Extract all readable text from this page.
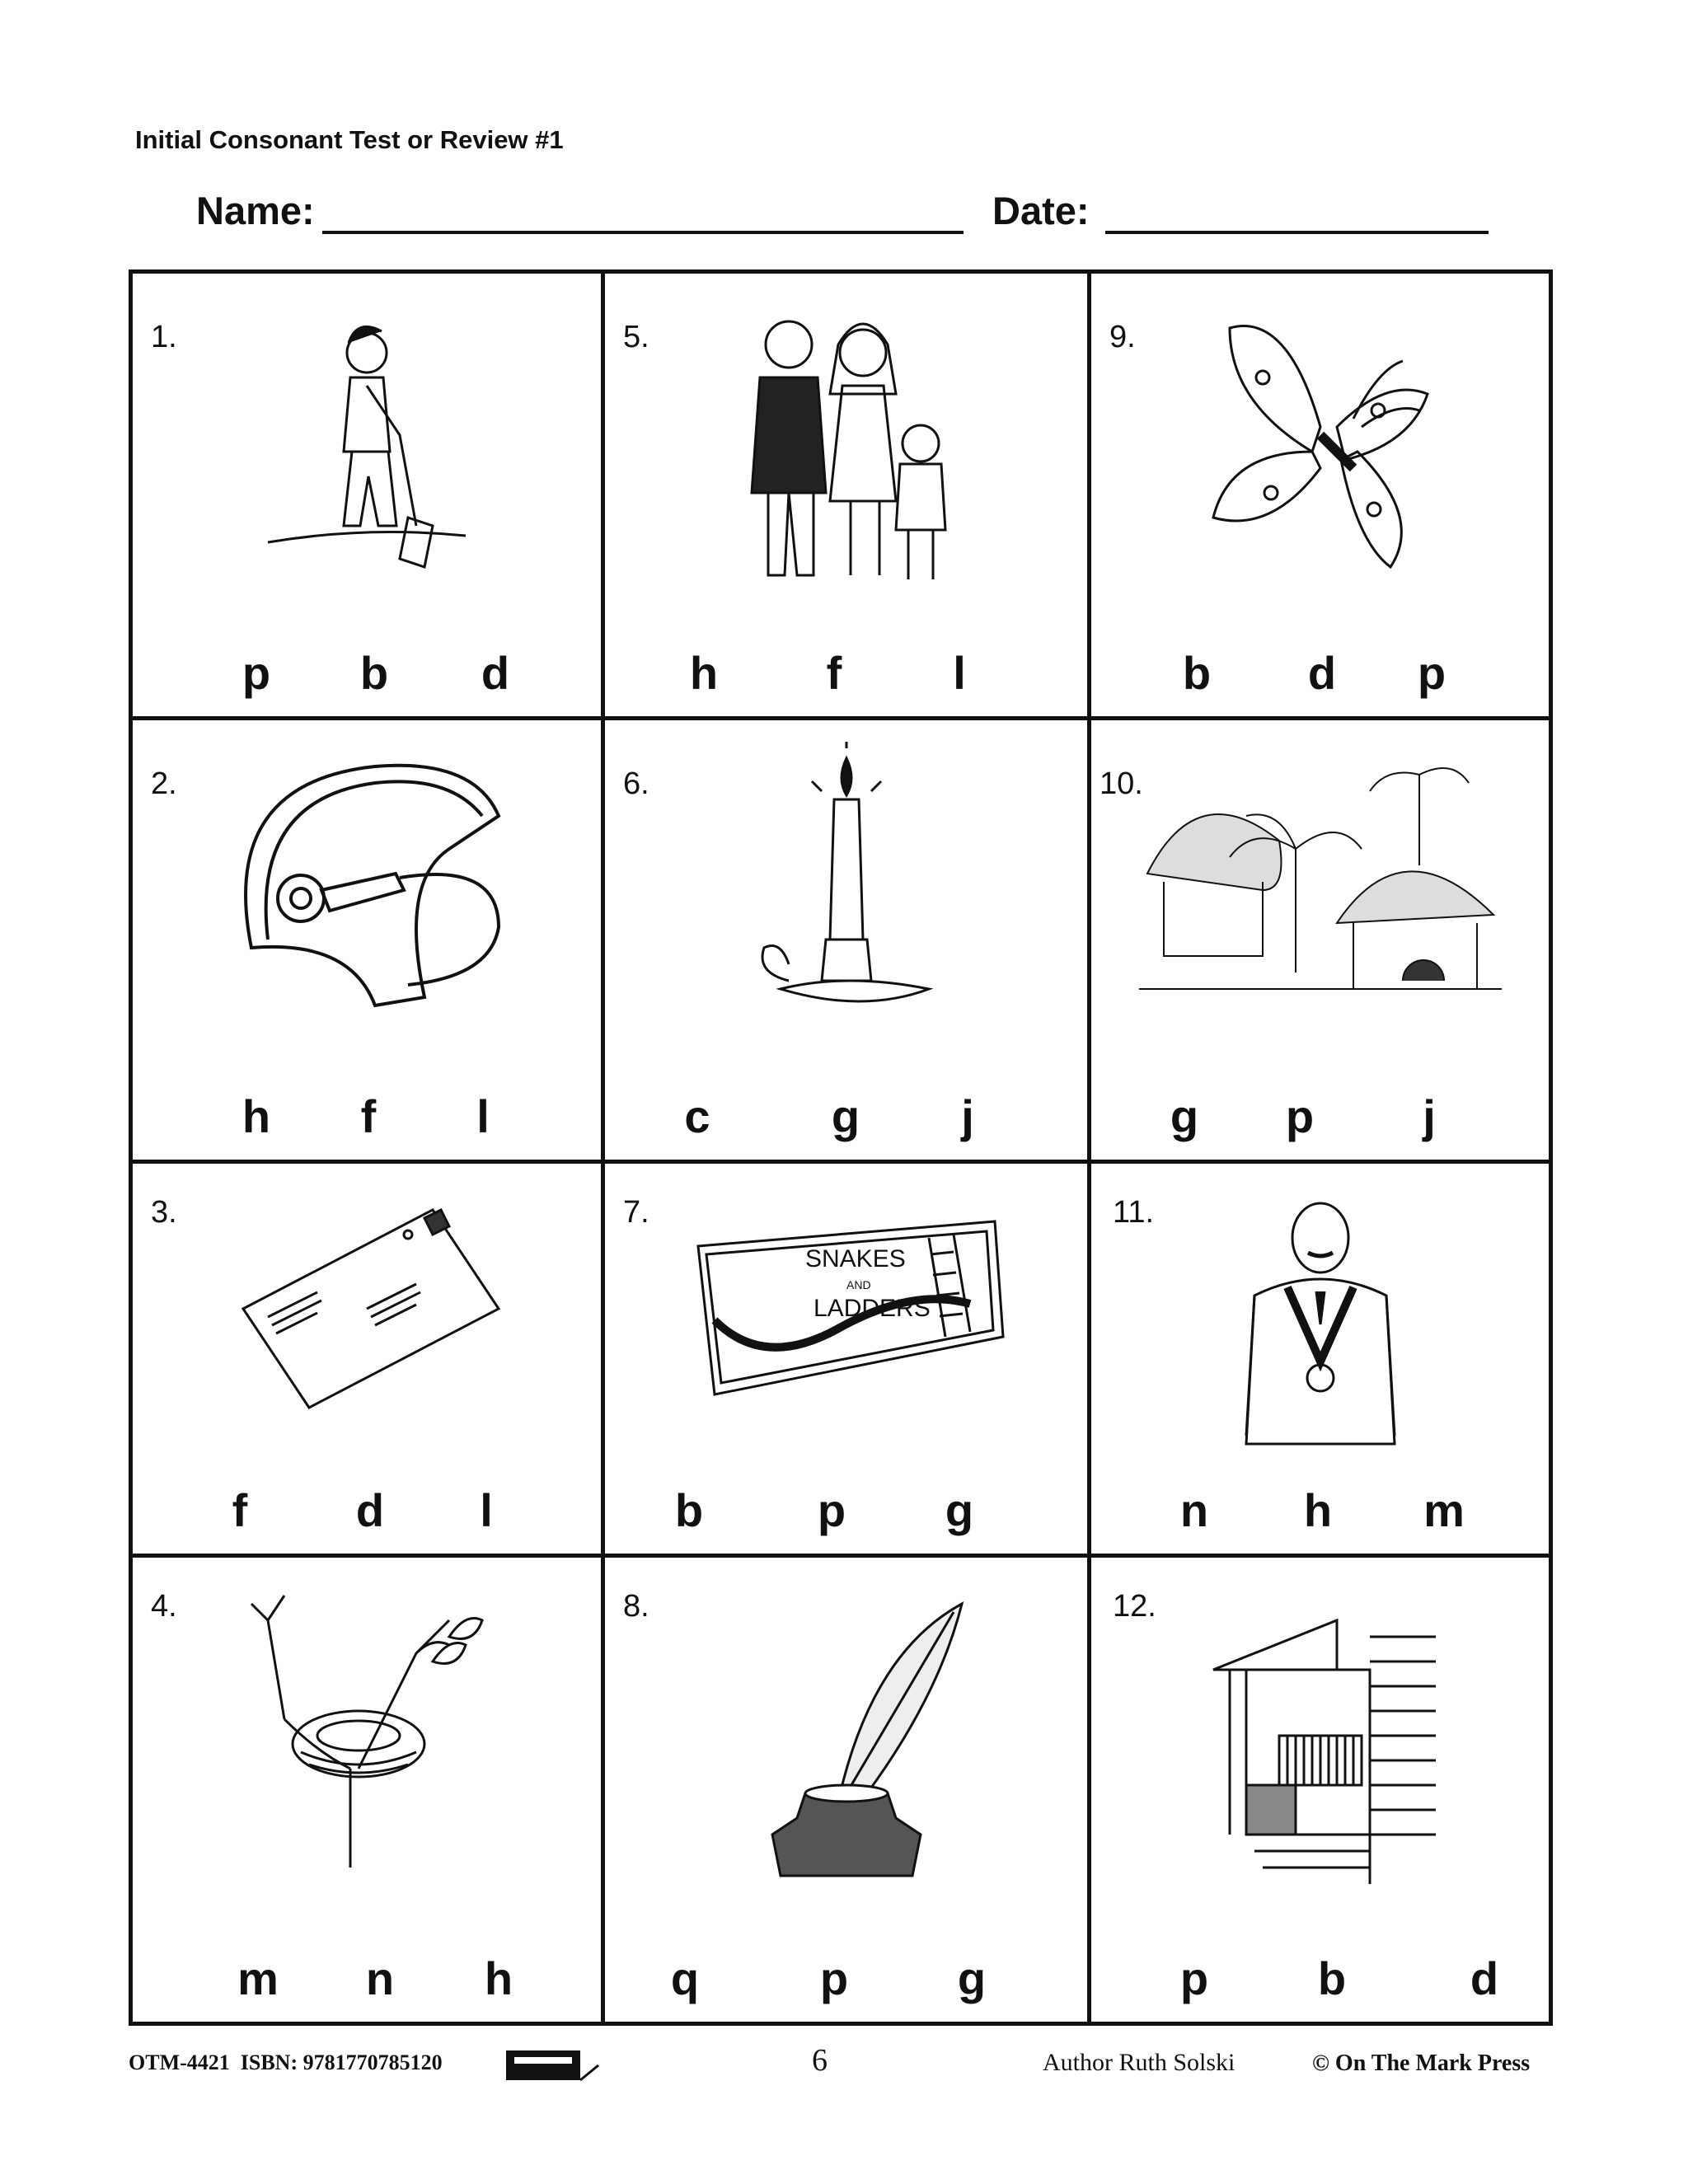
Initial Consonant Test or Review #1
Name:	Date:
1.
p	b	d
5.
h	f	l
9.
b	d	p
2.
h	f	l
6.
c	g	j
10.
g	p	j
3.
f	d	l
7.
SNAKES
AND
LADDERS
b	p	g
11.
n	h	m
4.
m	n	h
8.
q	p	g
12.
p	b	d
OTM-4421 ISBN: 9781770785120	6	Author Ruth Solski	© On The Mark Press
